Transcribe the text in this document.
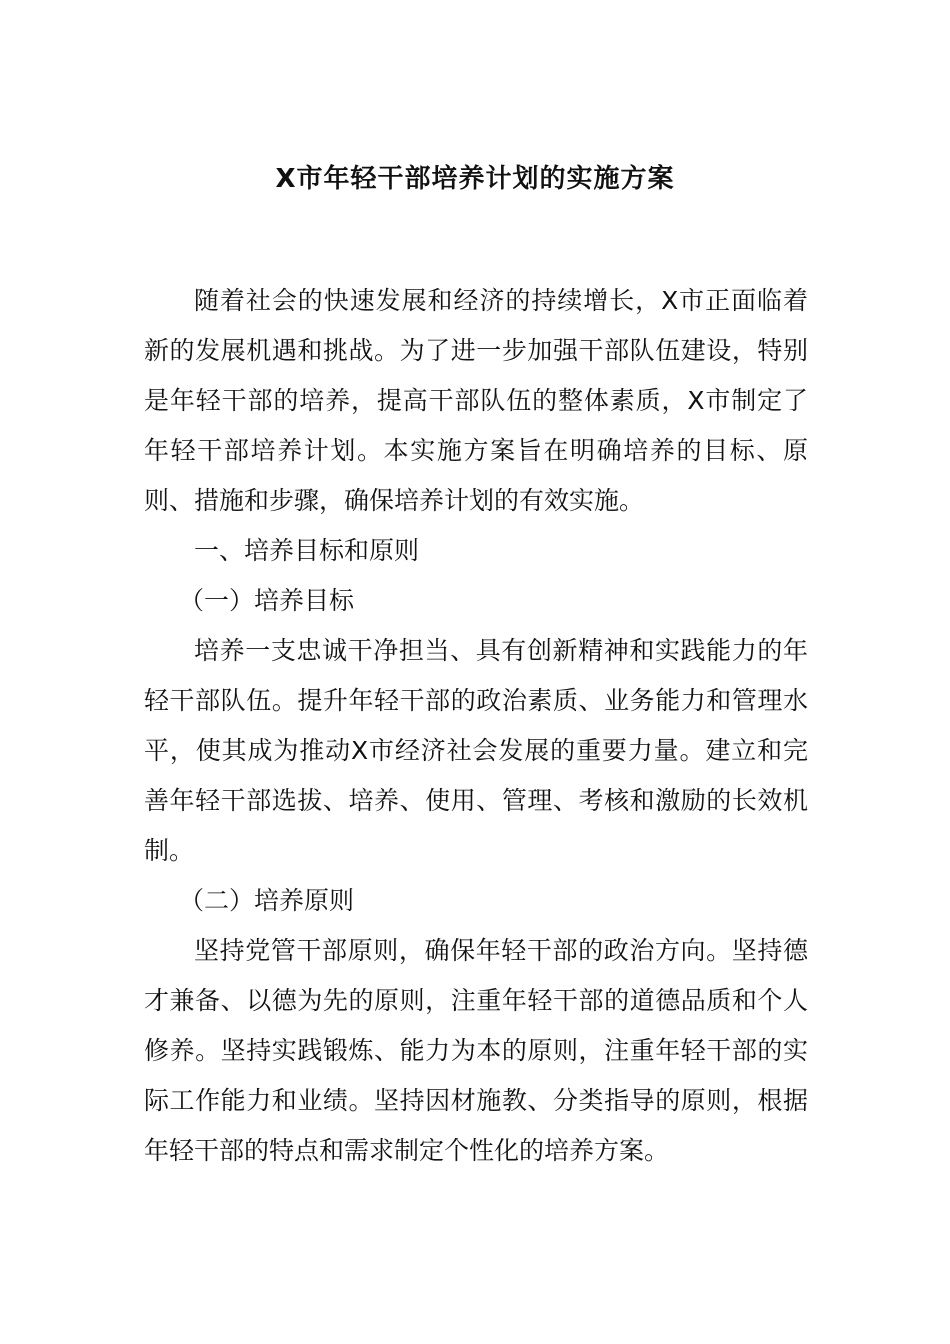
X市年轻干部培养计划的实施方案

随着社会的快速发展和经济的持续增长，X市正面临着新的发展机遇和挑战。为了进一步加强干部队伍建设，特别是年轻干部的培养，提高干部队伍的整体素质，X市制定了年轻干部培养计划。本实施方案旨在明确培养的目标、原则、措施和步骤，确保培养计划的有效实施。

一、培养目标和原则

（一）培养目标

培养一支忠诚干净担当、具有创新精神和实践能力的年轻干部队伍。提升年轻干部的政治素质、业务能力和管理水平，使其成为推动X市经济社会发展的重要力量。建立和完善年轻干部选拔、培养、使用、管理、考核和激励的长效机制。

（二）培养原则

坚持党管干部原则，确保年轻干部的政治方向。坚持德才兼备、以德为先的原则，注重年轻干部的道德品质和个人修养。坚持实践锻炼、能力为本的原则，注重年轻干部的实际工作能力和业绩。坚持因材施教、分类指导的原则，根据年轻干部的特点和需求制定个性化的培养方案。
